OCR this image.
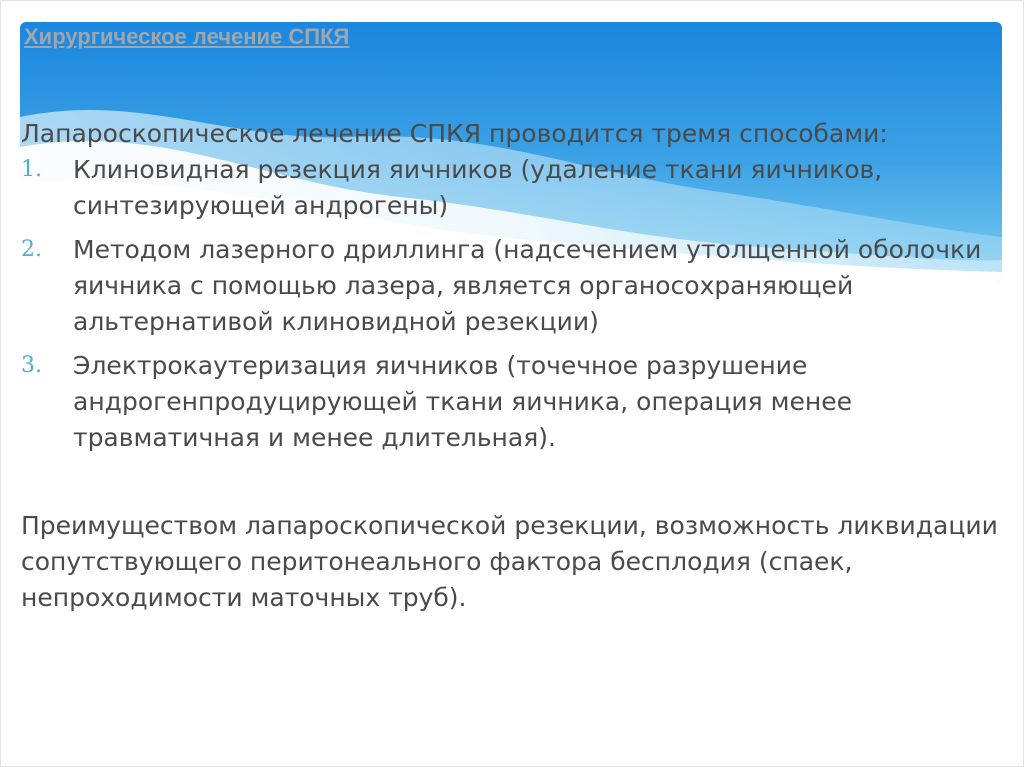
Хирургическое лечение СПКЯ

Лапароскопическое лечение СПКЯ проводится тремя способами:

1. Клиновидная резекция яичников (удаление ткани яичников, синтезирующей андрогены)
2. Методом лазерного дриллинга (надсечением утолщенной оболочки яичника с помощью лазера, является органосохраняющей альтернативой клиновидной резекции)
3. Электрокаутеризация яичников (точечное разрушение андрогенпродуцирующей ткани яичника, операция менее травматичная и менее длительная).

Преимуществом лапароскопической резекции, возможность ликвидации сопутствующего перитонеального фактора бесплодия (спаек, непроходимости маточных труб).
